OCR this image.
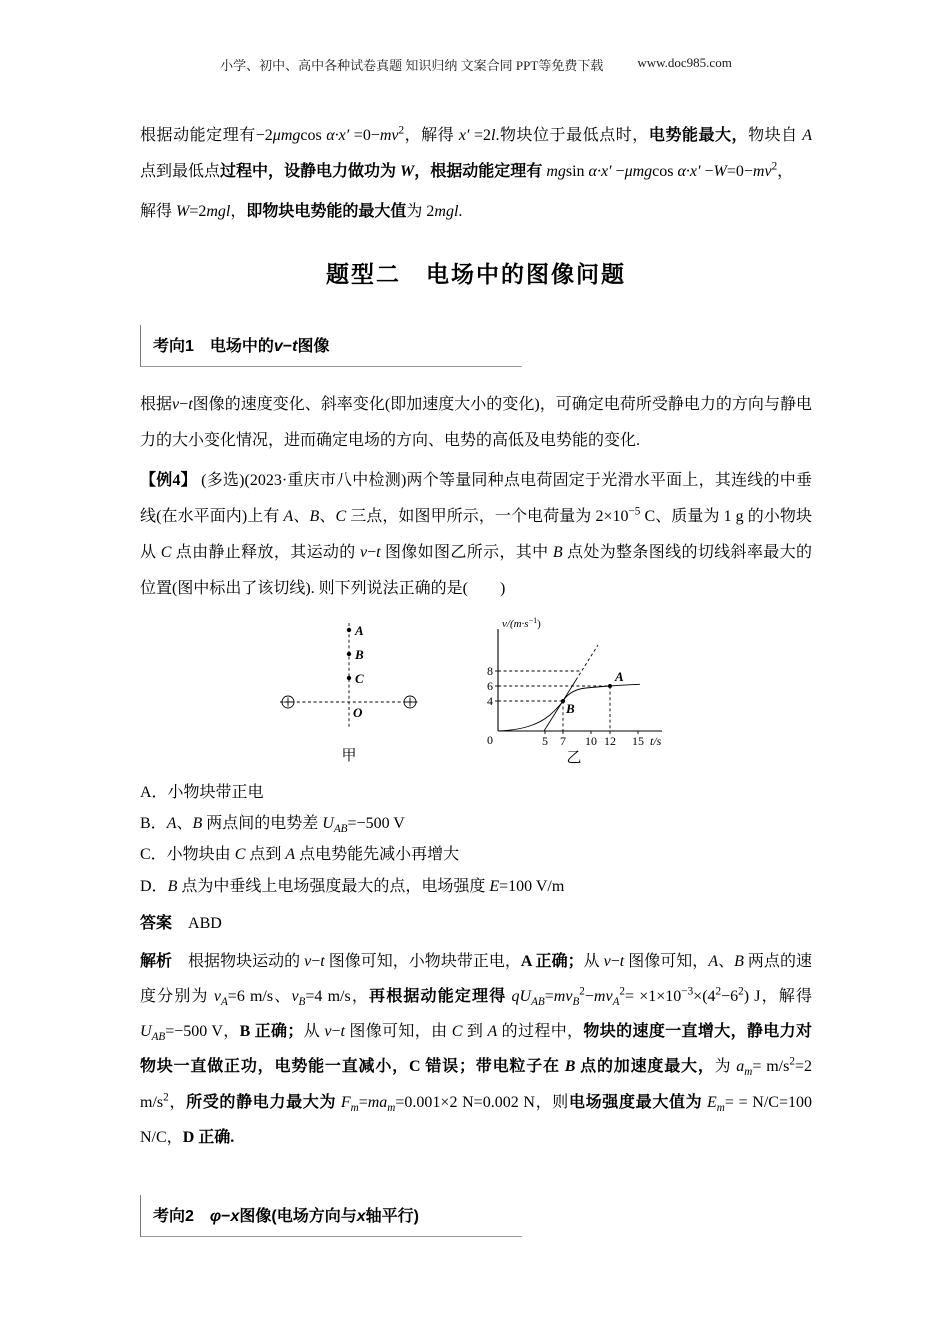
小学、初中、高中各种试卷真题 知识归纳 文案合同 PPT等免费下载	www.doc985.com

根据动能定理有−2μmgcos $\alpha\cdot x' =0-mv^2$，解得 x′ =2l.物块位于最低点时，电势能最大，物块自 A 点到最低点过程中，设静电力做功为 W，根据动能定理有 mgsin α·x′ −μmgcos $\alpha\cdot x' -W=0-mv^2$，

解得 W=2mgl，即物块电势能的最大值为 2mgl.

题型二　电场中的图像问题
考向1　电场中的v−t图像

根据v−t图像的速度变化、斜率变化(即加速度大小的变化)，可确定电荷所受静电力的方向与静电力的大小变化情况，进而确定电场的方向、电势的高低及电势能的变化.

【例4】 (多选)(2023·重庆市八中检测)两个等量同种点电荷固定于光滑水平面上，其连线的中垂线(在水平面内)上有 A、B、C 三点，如图甲所示，一个电荷量为 $2\times 10^{-5}$ C、质量为 1 g 的小物块从 C 点由静止释放，其运动的 v−t 图像如图乙所示，其中 B 点处为整条图线的切线斜率最大的位置(图中标出了该切线). 则下列说法正确的是(　　)

A
B
C
O
甲
$v/(m\cdot s^{-1})$
t/s
0
8
6
4
5 7 10 12 15
A
B
乙
A．小物块带正电
B．A、B 两点间的电势差 $U_{AB}=-500$ V
C．小物块由 C 点到 A 点电势能先减小再增大
D．B 点为中垂线上电场强度最大的点，电场强度 E=100 V/m
答案 ABD

解析　根据物块运动的 v−t 图像可知，小物块带正电，A 正确；从 v−t 图像可知，A、B 两点的速度分别为 $v_A=6$ m/s、$v_B=4$ m/s，再根据动能定理得 $qU_{AB}=mv_B^2-mv_A^2= \times 1\times 10^{-3}\times(4^2-6^2)$ J，解得 $U_{AB}=-500$ V，B 正确；从 v−t 图像可知，由 C 到 A 的过程中，物块的速度一直增大，静电力对物块一直做正功，电势能一直减小，C 错误；带电粒子在 B 点的加速度最大，为 $a_m= m/s^2=2$ $m/s^2$，所受的静电力最大为 $F_m=ma_m=0.001\times 2$ N=0.002 N，则电场强度最大值为 $E_m= = N/C=100$ N/C，D 正确.

考向2　φ−x图像(电场方向与x轴平行)
